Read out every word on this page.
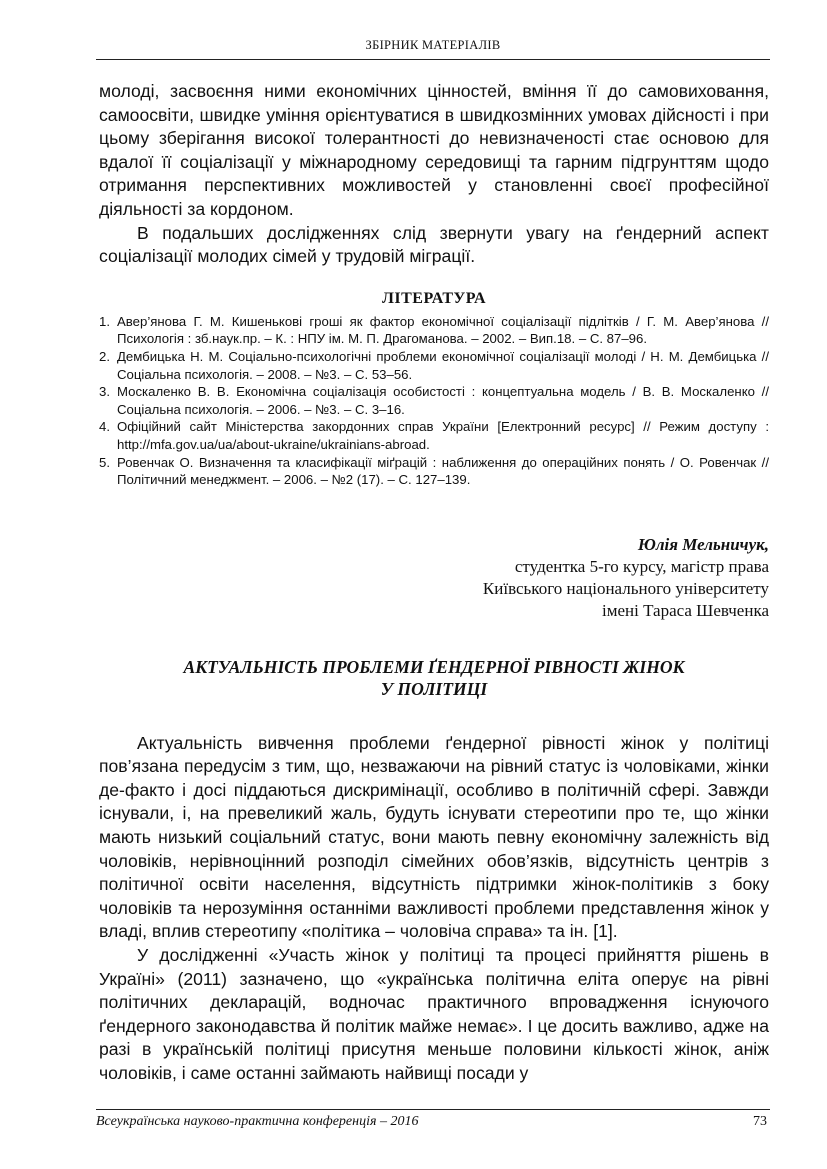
ЗБІРНИК МАТЕРІАЛІВ

молоді, засвоєння ними економічних цінностей, вміння її до самовиховання, самоосвіти, швидке уміння орієнтуватися в швидкозмінних умовах дійсності і при цьому зберігання високої толерантності до невизначеності стає основою для вдалої її соціалізації у міжнародному середовищі та гарним підгрунттям щодо отримання перспективних можливостей у становленні своєї професійної діяльності за кордоном.

В подальших дослідженнях слід звернути увагу на ґендерний аспект соціалізації молодих сімей у трудовій міграції.

ЛІТЕРАТУРА
1. Авер’янова Г. М. Кишенькові гроші як фактор економічної соціалізації підлітків / Г. М. Авер’янова // Психологія : зб.наук.пр. – К. : НПУ ім. М. П. Драгоманова. – 2002. – Вип.18. – С. 87–96.
2. Дембицька Н. М. Соціально-психологічні проблеми економічної соціалізації молоді / Н. М. Дембицька // Соціальна психологія. – 2008. – №3. – С. 53–56.
3. Москаленко В. В. Економічна соціалізація особистості : концептуальна модель / В. В. Москаленко // Соціальна психологія. – 2006. – №3. – С. 3–16.
4. Офіційний сайт Міністерства закордонних справ України [Електронний ресурс] // Режим доступу : http://mfa.gov.ua/ua/about-ukraine/ukrainians-abroad.
5. Ровенчак О. Визначення та класифікації міґрацій : наближення до операційних понять / О. Ровенчак // Політичний менеджмент. – 2006. – №2 (17). – С. 127–139.
Юлія Мельничук,
студентка 5-го курсу, магістр права
Київського національного університету
імені Тараса Шевченка
АКТУАЛЬНІСТЬ ПРОБЛЕМИ ҐЕНДЕРНОЇ РІВНОСТІ ЖІНОК
У ПОЛІТИЦІ

Актуальність вивчення проблеми ґендерної рівності жінок у політиці пов’язана передусім з тим, що, незважаючи на рівний статус із чоловіками, жінки де-факто і досі піддаються дискримінації, особливо в політичній сфері. Завжди існували, і, на превеликий жаль, будуть існувати стереотипи про те, що жінки мають низький соціальний статус, вони мають певну економічну залежність від чоловіків, нерівноцінний розподіл сімейних обов’язків, відсутність центрів з політичної освіти населення, відсутність підтримки жінок-політиків з боку чоловіків та нерозуміння останніми важливості проблеми представлення жінок у владі, вплив стереотипу «політика – чоловіча справа» та ін. [1].

У дослідженні «Участь жінок у політиці та процесі прийняття рішень в Україні» (2011) зазначено, що «українська політична еліта оперує на рівні політичних декларацій, водночас практичного впровадження існуючого ґендерного законодавства й політик майже немає». І це досить важливо, адже на разі в українській політиці присутня меньше половини кількості жінок, аніж чоловіків, і саме останні займають найвищі посади у

Всеукраїнська науково-практична конференція – 2016	73
